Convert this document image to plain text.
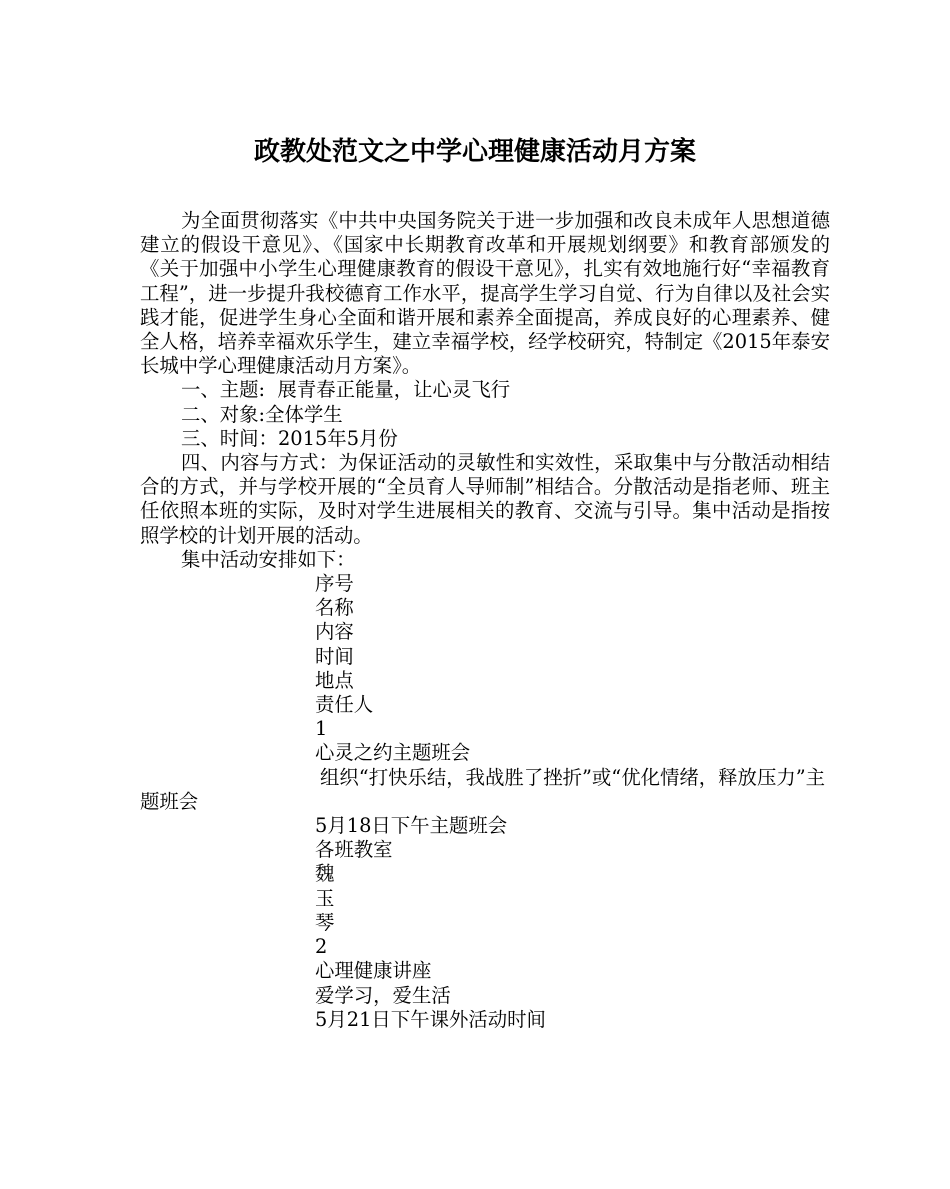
政教处范文之中学心理健康活动月方案

为全面贯彻落实《中共中央国务院关于进一步加强和改良未成年人思想道德建立的假设干意见》、《国家中长期教育改革和开展规划纲要》和教育部颁发的《关于加强中小学生心理健康教育的假设干意见》，扎实有效地施行好“幸福教育工程”，进一步提升我校德育工作水平，提高学生学习自觉、行为自律以及社会实践才能，促进学生身心全面和谐开展和素养全面提高，养成良好的心理素养、健全人格，培养幸福欢乐学生，建立幸福学校，经学校研究，特制定《2015年泰安长城中学心理健康活动月方案》。

一、主题:  展青春正能量，让心灵飞行

二、对象:全体学生

三、时间：2015年5月份

四、内容与方式：为保证活动的灵敏性和实效性，采取集中与分散活动相结合的方式，并与学校开展的“全员育人导师制”相结合。分散活动是指老师、班主任依照本班的实际，及时对学生进展相关的教育、交流与引导。集中活动是指按照学校的计划开展的活动。

集中活动安排如下：

序号

名称

内容

时间

地点

责任人

1

心灵之约主题班会

组织“打快乐结，我战胜了挫折”或“优化情绪，释放压力”主题班会

5月18日下午主题班会

各班教室

魏

玉

琴

2

心理健康讲座

爱学习，爱生活

5月21日下午课外活动时间
